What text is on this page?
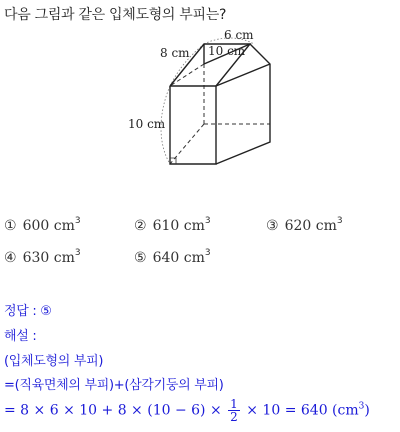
다음 그림과 같은 입체도형의 부피는?
6 cm
8 cm 10 cm
10 cm
① 600 $cm^3$	② 610 $cm^3$	③ 620 $cm^3$
④ 630 $cm^3$	⑤ 640 $cm^3$
정답 : ⑤
해설 :
(입체도형의 부피)
=(직육면체의 부피)+(삼각기둥의 부피)
= $8 \times 6 \times 10 + 8 \times (10 - 6) \times \frac{1}{2} \times 10 = 640$ $(cm^3)$
